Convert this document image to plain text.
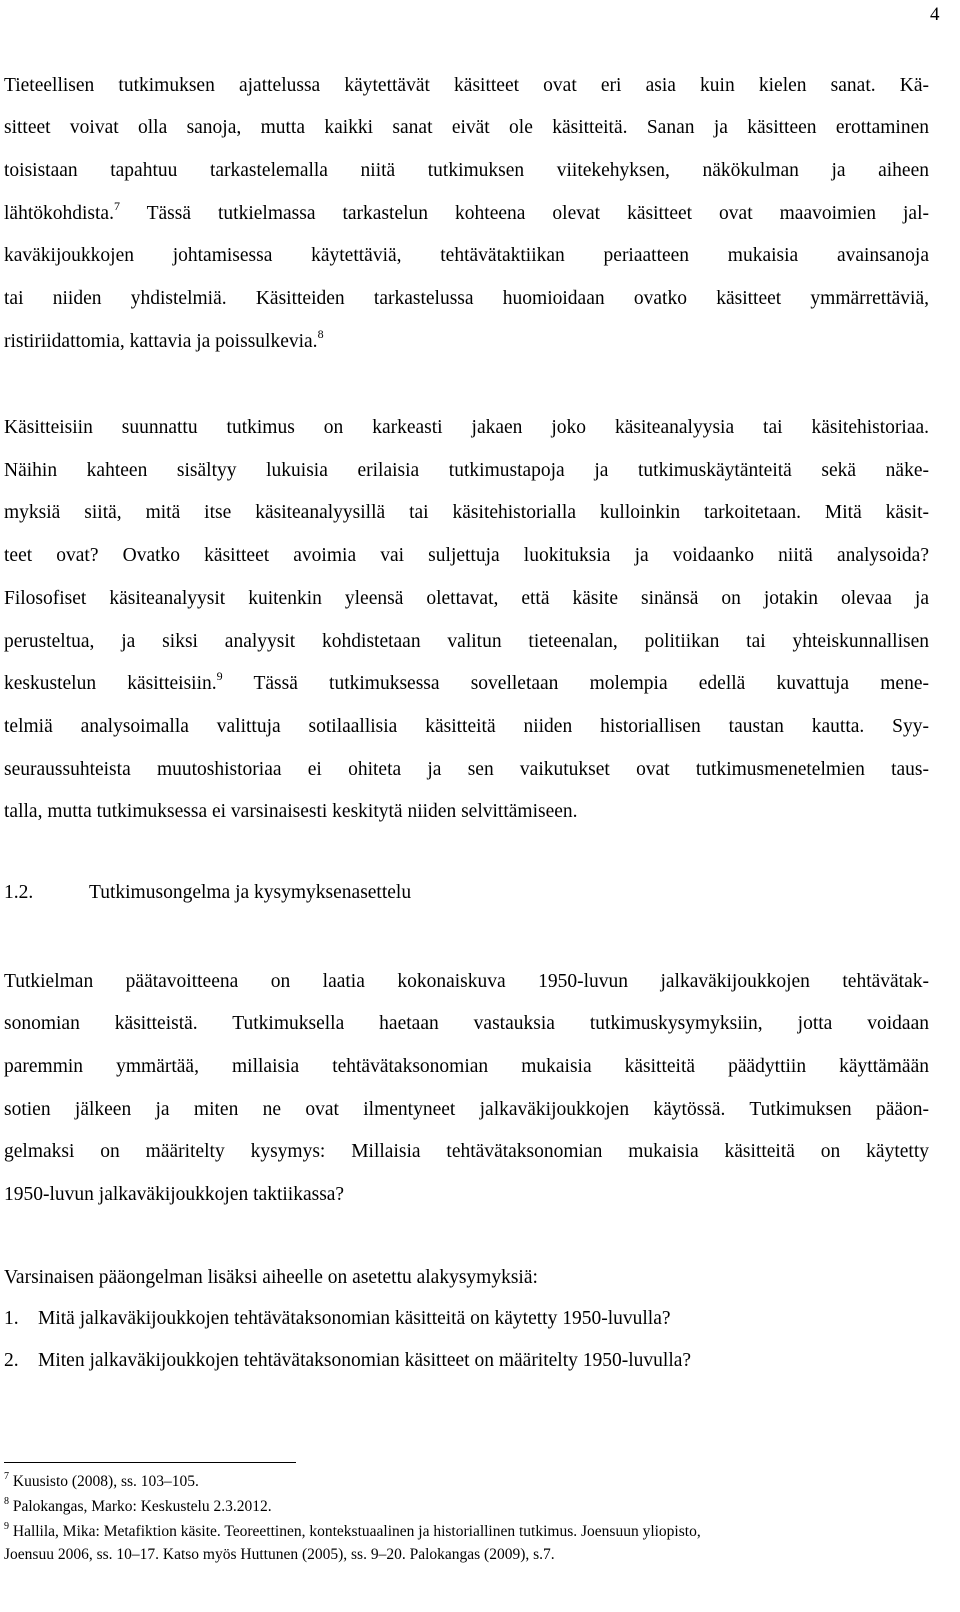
4
Tieteellisen tutkimuksen ajattelussa käytettävät käsitteet ovat eri asia kuin kielen sanat. Kä-
sitteet voivat olla sanoja, mutta kaikki sanat eivät ole käsitteitä. Sanan ja käsitteen erottaminen
toisistaan tapahtuu tarkastelemalla niitä tutkimuksen viitekehyksen, näkökulman ja aiheen
lähtökohdista.$^7$ Tässä tutkielmassa tarkastelun kohteena olevat käsitteet ovat maavoimien jal-
kaväkijoukkojen johtamisessa käytettäviä, tehtävätaktiikan periaatteen mukaisia avainsanoja
tai niiden yhdistelmiä. Käsitteiden tarkastelussa huomioidaan ovatko käsitteet ymmärrettäviä,
ristiriidattomia, kattavia ja poissulkevia.$^8$
Käsitteisiin suunnattu tutkimus on karkeasti jakaen joko käsiteanalyysia tai käsitehistoriaa.
Näihin kahteen sisältyy lukuisia erilaisia tutkimustapoja ja tutkimuskäytänteitä sekä näke-
myksiä siitä, mitä itse käsiteanalyysillä tai käsitehistorialla kulloinkin tarkoitetaan. Mitä käsit-
teet ovat? Ovatko käsitteet avoimia vai suljettuja luokituksia ja voidaanko niitä analysoida?
Filosofiset käsiteanalyysit kuitenkin yleensä olettavat, että käsite sinänsä on jotakin olevaa ja
perusteltua, ja siksi analyysit kohdistetaan valitun tieteenalan, politiikan tai yhteiskunnallisen
keskustelun käsitteisiin.$^9$ Tässä tutkimuksessa sovelletaan molempia edellä kuvattuja mene-
telmiä analysoimalla valittuja sotilaallisia käsitteitä niiden historiallisen taustan kautta. Syy-
seuraussuhteista muutoshistoriaa ei ohiteta ja sen vaikutukset ovat tutkimusmenetelmien taus-
talla, mutta tutkimuksessa ei varsinaisesti keskitytä niiden selvittämiseen.
1.2.	Tutkimusongelma ja kysymyksenasettelu
Tutkielman päätavoitteena on laatia kokonaiskuva 1950-luvun jalkaväkijoukkojen tehtävätak-
sonomian käsitteistä. Tutkimuksella haetaan vastauksia tutkimuskysymyksiin, jotta voidaan
paremmin ymmärtää, millaisia tehtävätaksonomian mukaisia käsitteitä päädyttiin käyttämään
sotien jälkeen ja miten ne ovat ilmentyneet jalkaväkijoukkojen käytössä. Tutkimuksen pääon-
gelmaksi on määritelty kysymys: Millaisia tehtävätaksonomian mukaisia käsitteitä on käytetty
1950-luvun jalkaväkijoukkojen taktiikassa?
Varsinaisen pääongelman lisäksi aiheelle on asetettu alakysymyksiä:
1. Mitä jalkaväkijoukkojen tehtävätaksonomian käsitteitä on käytetty 1950-luvulla?
2. Miten jalkaväkijoukkojen tehtävätaksonomian käsitteet on määritelty 1950-luvulla?
$^7$ Kuusisto (2008), ss. 103–105.
$^8$ Palokangas, Marko: Keskustelu 2.3.2012.
$^9$ Hallila, Mika: Metafiktion käsite. Teoreettinen, kontekstuaalinen ja historiallinen tutkimus. Joensuun yliopisto,
Joensuu 2006, ss. 10–17. Katso myös Huttunen (2005), ss. 9–20. Palokangas (2009), s.7.
